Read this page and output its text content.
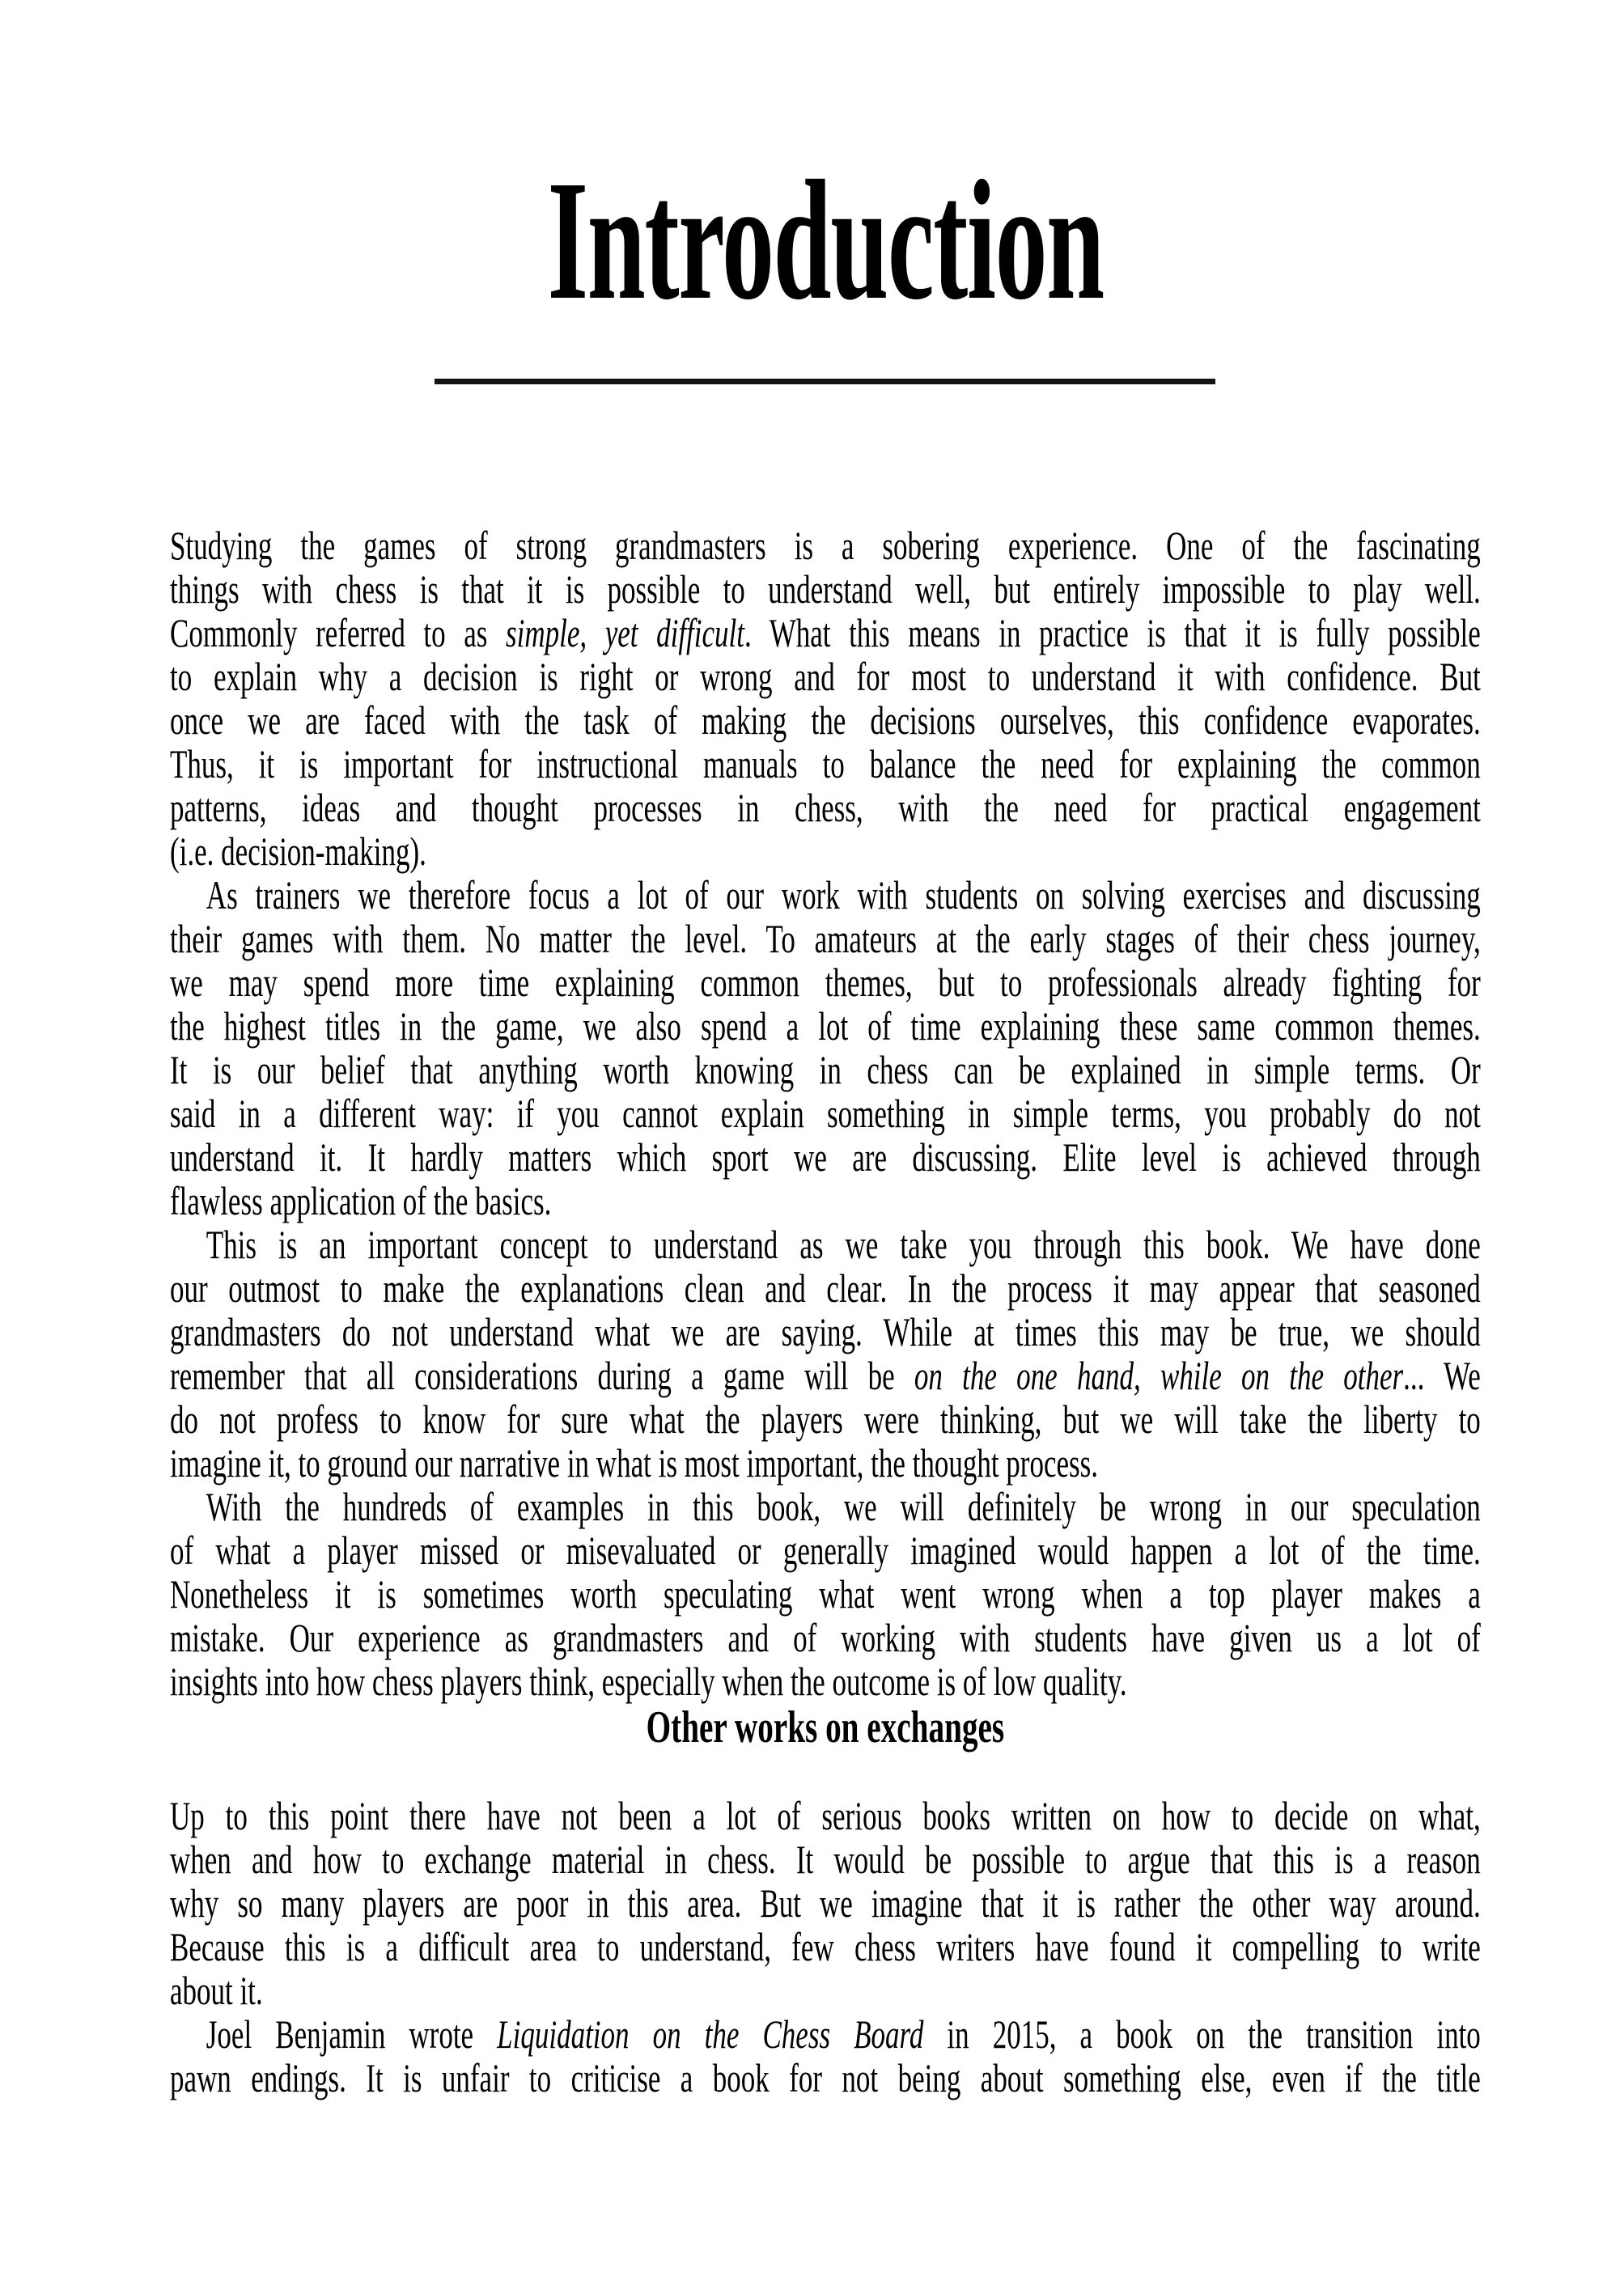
Introduction
Studying the games of strong grandmasters is a sobering experience. One of the fascinating
things with chess is that it is possible to understand well, but entirely impossible to play well.
Commonly referred to as simple, yet difficult. What this means in practice is that it is fully possible
to explain why a decision is right or wrong and for most to understand it with confidence. But
once we are faced with the task of making the decisions ourselves, this confidence evaporates.
Thus, it is important for instructional manuals to balance the need for explaining the common
patterns, ideas and thought processes in chess, with the need for practical engagement
(i.e. decision-making).
As trainers we therefore focus a lot of our work with students on solving exercises and discussing
their games with them. No matter the level. To amateurs at the early stages of their chess journey,
we may spend more time explaining common themes, but to professionals already fighting for
the highest titles in the game, we also spend a lot of time explaining these same common themes.
It is our belief that anything worth knowing in chess can be explained in simple terms. Or
said in a different way: if you cannot explain something in simple terms, you probably do not
understand it. It hardly matters which sport we are discussing. Elite level is achieved through
flawless application of the basics.
This is an important concept to understand as we take you through this book. We have done
our outmost to make the explanations clean and clear. In the process it may appear that seasoned
grandmasters do not understand what we are saying. While at times this may be true, we should
remember that all considerations during a game will be on the one hand, while on the other... We
do not profess to know for sure what the players were thinking, but we will take the liberty to
imagine it, to ground our narrative in what is most important, the thought process.
With the hundreds of examples in this book, we will definitely be wrong in our speculation
of what a player missed or misevaluated or generally imagined would happen a lot of the time.
Nonetheless it is sometimes worth speculating what went wrong when a top player makes a
mistake. Our experience as grandmasters and of working with students have given us a lot of
insights into how chess players think, especially when the outcome is of low quality.
Other works on exchanges
Up to this point there have not been a lot of serious books written on how to decide on what,
when and how to exchange material in chess. It would be possible to argue that this is a reason
why so many players are poor in this area. But we imagine that it is rather the other way around.
Because this is a difficult area to understand, few chess writers have found it compelling to write
about it.
Joel Benjamin wrote Liquidation on the Chess Board in 2015, a book on the transition into
pawn endings. It is unfair to criticise a book for not being about something else, even if the title
